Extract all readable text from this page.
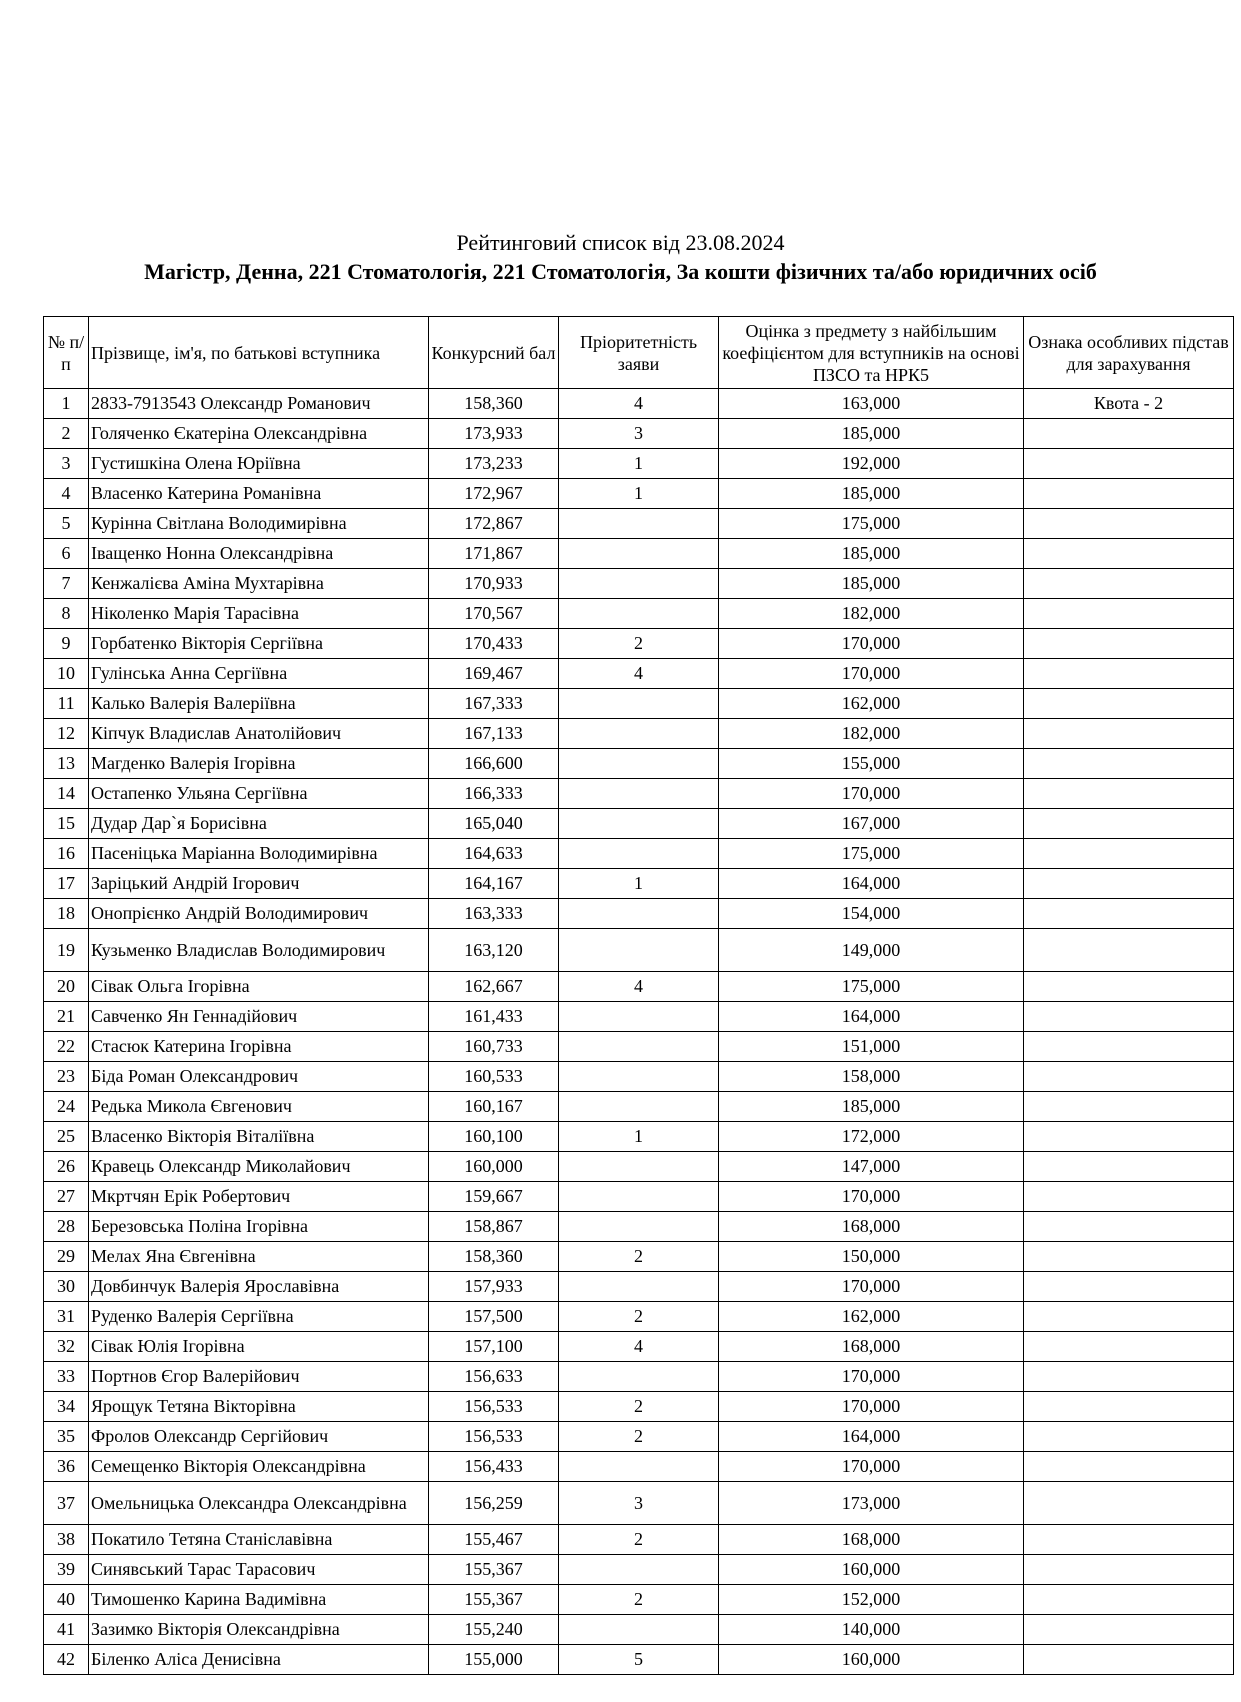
Рейтинговий список від 23.08.2024
Магістр, Денна, 221 Стоматологія, 221 Стоматологія, За кошти фізичних та/або юридичних осіб
№ п/п	Прізвище, ім'я, по батькові вступника	Конкурсний бал	Пріоритетність заяви	Оцінка з предмету з найбільшим коефіцієнтом для вступників на основі ПЗСО та НРК5	Ознака особливих підстав для зарахування
1	2833-7913543 Олександр Романович	158,360	4	163,000	Квота - 2
2	Голяченко Єкатеріна Олександрівна	173,933	3	185,000	
3	Густишкіна Олена Юріївна	173,233	1	192,000	
4	Власенко Катерина Романівна	172,967	1	185,000	
5	Курінна Світлана Володимирівна	172,867		175,000	
6	Іващенко Нонна Олександрівна	171,867		185,000	
7	Кенжалієва Аміна Мухтарівна	170,933		185,000	
8	Ніколенко Марія Тарасівна	170,567		182,000	
9	Горбатенко Вікторія Сергіївна	170,433	2	170,000	
10	Гулінська Анна Сергіївна	169,467	4	170,000	
11	Калько Валерія Валеріївна	167,333		162,000	
12	Кіпчук Владислав Анатолійович	167,133		182,000	
13	Магденко Валерія Ігорівна	166,600		155,000	
14	Остапенко Ульяна Сергіївна	166,333		170,000	
15	Дудар Дар`я Борисівна	165,040		167,000	
16	Пасеніцька Маріанна Володимирівна	164,633		175,000	
17	Заріцький Андрій Ігорович	164,167	1	164,000	
18	Онопрієнко Андрій Володимирович	163,333		154,000	
19	Кузьменко Владислав Володимирович	163,120		149,000	
20	Сівак Ольга Ігорівна	162,667	4	175,000	
21	Савченко Ян Геннадійович	161,433		164,000	
22	Стасюк Катерина Ігорівна	160,733		151,000	
23	Біда Роман Олександрович	160,533		158,000	
24	Редька Микола Євгенович	160,167		185,000	
25	Власенко Вікторія Віталіївна	160,100	1	172,000	
26	Кравець Олександр Миколайович	160,000		147,000	
27	Мкртчян Ерік Робертович	159,667		170,000	
28	Березовська Поліна Ігорівна	158,867		168,000	
29	Мелах Яна Євгенівна	158,360	2	150,000	
30	Довбинчук Валерія Ярославівна	157,933		170,000	
31	Руденко Валерія Сергіївна	157,500	2	162,000	
32	Сівак Юлія Ігорівна	157,100	4	168,000	
33	Портнов Єгор Валерійович	156,633		170,000	
34	Ярощук Тетяна Вікторівна	156,533	2	170,000	
35	Фролов Олександр Сергійович	156,533	2	164,000	
36	Семещенко Вікторія Олександрівна	156,433		170,000	
37	Омельницька Олександра Олександрівна	156,259	3	173,000	
38	Покатило Тетяна Станіславівна	155,467	2	168,000	
39	Синявський Тарас Тарасович	155,367		160,000	
40	Тимошенко Карина Вадимівна	155,367	2	152,000	
41	Зазимко Вікторія Олександрівна	155,240		140,000	
42	Біленко Аліса Денисівна	155,000	5	160,000	
